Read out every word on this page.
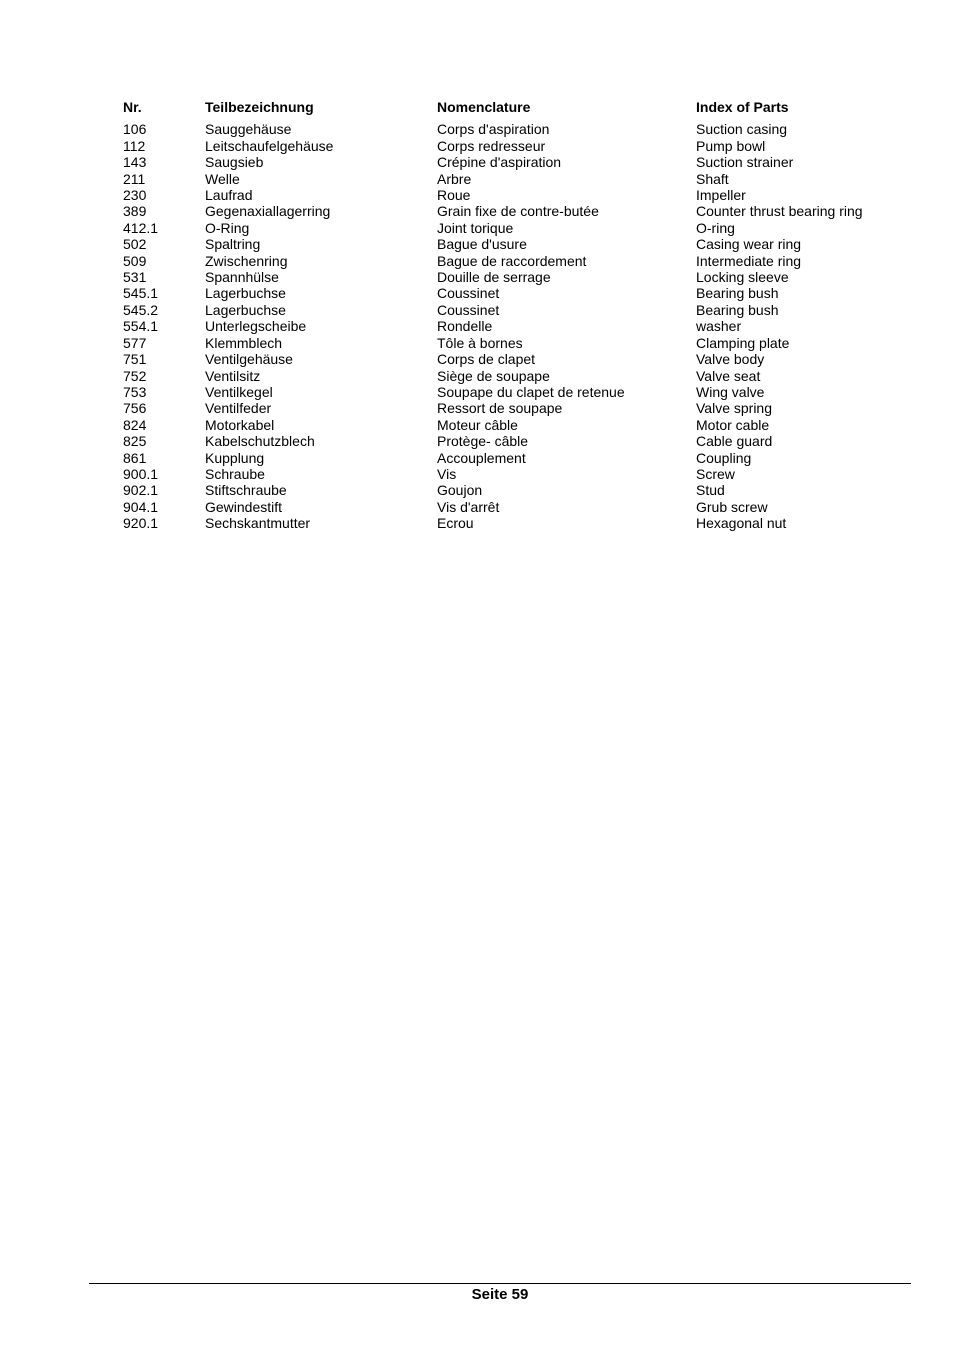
Nr.	Teilbezeichnung	Nomenclature	Index of Parts
106	Sauggehäuse	Corps d'aspiration	Suction casing
112	Leitschaufelgehäuse	Corps redresseur	Pump bowl
143	Saugsieb	Crépine d'aspiration	Suction strainer
211	Welle	Arbre	Shaft
230	Laufrad	Roue	Impeller
389	Gegenaxiallagerring	Grain fixe de contre-butée	Counter thrust bearing ring
412.1	O-Ring	Joint torique	O-ring
502	Spaltring	Bague d'usure	Casing wear ring
509	Zwischenring	Bague de raccordement	Intermediate ring
531	Spannhülse	Douille de serrage	Locking sleeve
545.1	Lagerbuchse	Coussinet	Bearing bush
545.2	Lagerbuchse	Coussinet	Bearing bush
554.1	Unterlegscheibe	Rondelle	washer
577	Klemmblech	Tôle à bornes	Clamping plate
751	Ventilgehäuse	Corps de clapet	Valve body
752	Ventilsitz	Siège de soupape	Valve seat
753	Ventilkegel	Soupape du clapet de retenue	Wing valve
756	Ventilfeder	Ressort de soupape	Valve spring
824	Motorkabel	Moteur câble	Motor cable
825	Kabelschutzblech	Protège- câble	Cable guard
861	Kupplung	Accouplement	Coupling
900.1	Schraube	Vis	Screw
902.1	Stiftschraube	Goujon	Stud
904.1	Gewindestift	Vis d'arrêt	Grub screw
920.1	Sechskantmutter	Ecrou	Hexagonal nut
Seite 59
